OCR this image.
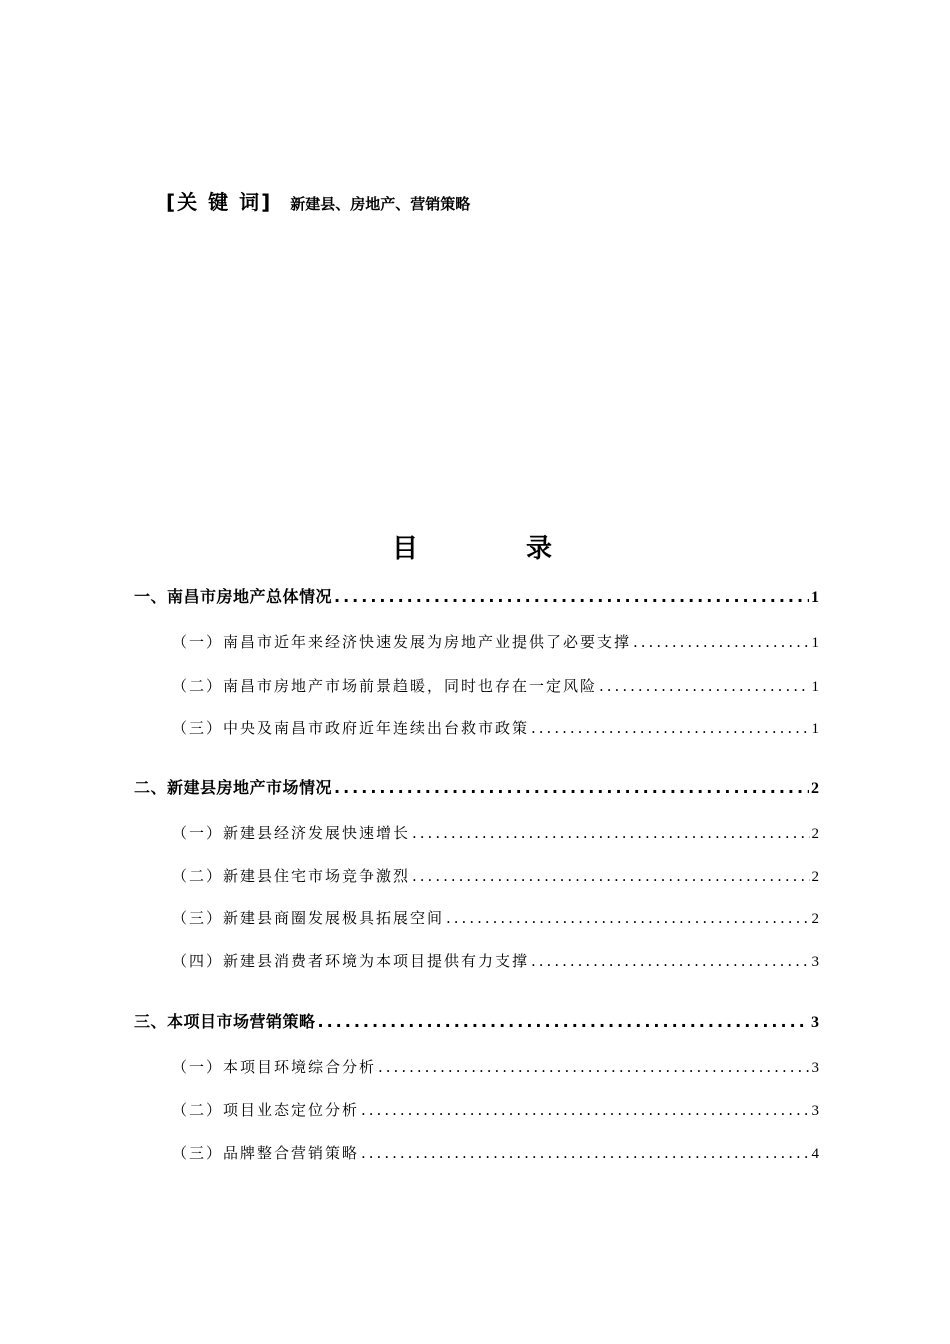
[关 键 词] 新建县、房地产、营销策略
目录
一、南昌市房地产总体情况 .....	1
（一）南昌市近年来经济快速发展为房地产业提供了必要支撑 .....	1
（二）南昌市房地产市场前景趋暖，同时也存在一定风险 .....	1
（三）中央及南昌市政府近年连续出台救市政策 .....	1
二、新建县房地产市场情况 .....	2
（一）新建县经济发展快速增长 .....	2
（二）新建县住宅市场竞争激烈 .....	2
（三）新建县商圈发展极具拓展空间 .....	2
（四）新建县消费者环境为本项目提供有力支撑 .....	3
三、本项目市场营销策略 .....	3
（一）本项目环境综合分析 .....	3
（二）项目业态定位分析 .....	3
（三）品牌整合营销策略 .....	4
